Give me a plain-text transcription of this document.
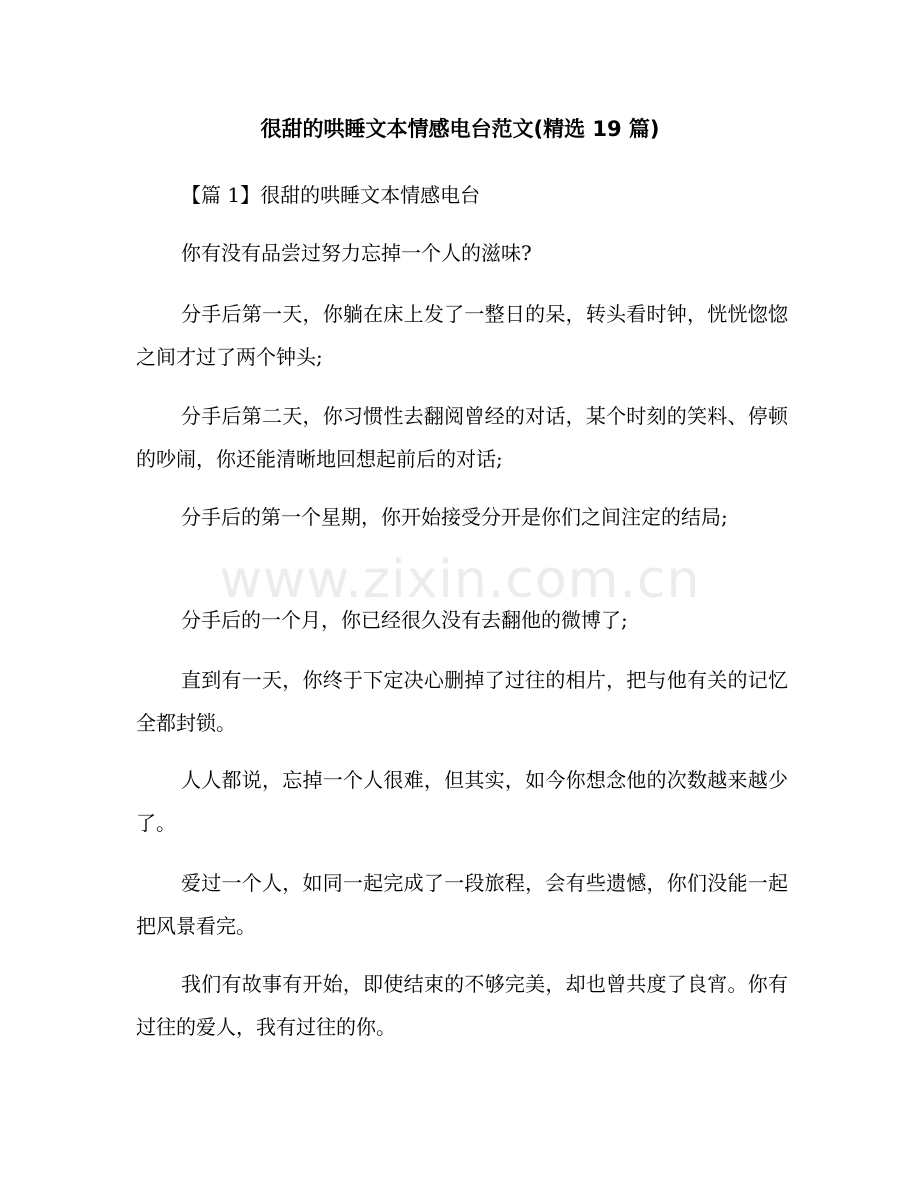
很甜的哄睡文本情感电台范文(精选 19 篇)

【篇 1】很甜的哄睡文本情感电台

你有没有品尝过努力忘掉一个人的滋味?

分手后第一天，你躺在床上发了一整日的呆，转头看时钟，恍恍惚惚之间才过了两个钟头;

分手后第二天，你习惯性去翻阅曾经的对话，某个时刻的笑料、停顿的吵闹，你还能清晰地回想起前后的对话;

分手后的第一个星期，你开始接受分开是你们之间注定的结局;

分手后的一个月，你已经很久没有去翻他的微博了;

直到有一天，你终于下定决心删掉了过往的相片，把与他有关的记忆全都封锁。

人人都说，忘掉一个人很难，但其实，如今你想念他的次数越来越少了。

爱过一个人，如同一起完成了一段旅程，会有些遗憾，你们没能一起把风景看完。

我们有故事有开始，即使结束的不够完美，却也曾共度了良宵。你有过往的爱人，我有过往的你。

www.zixin.com.cn
